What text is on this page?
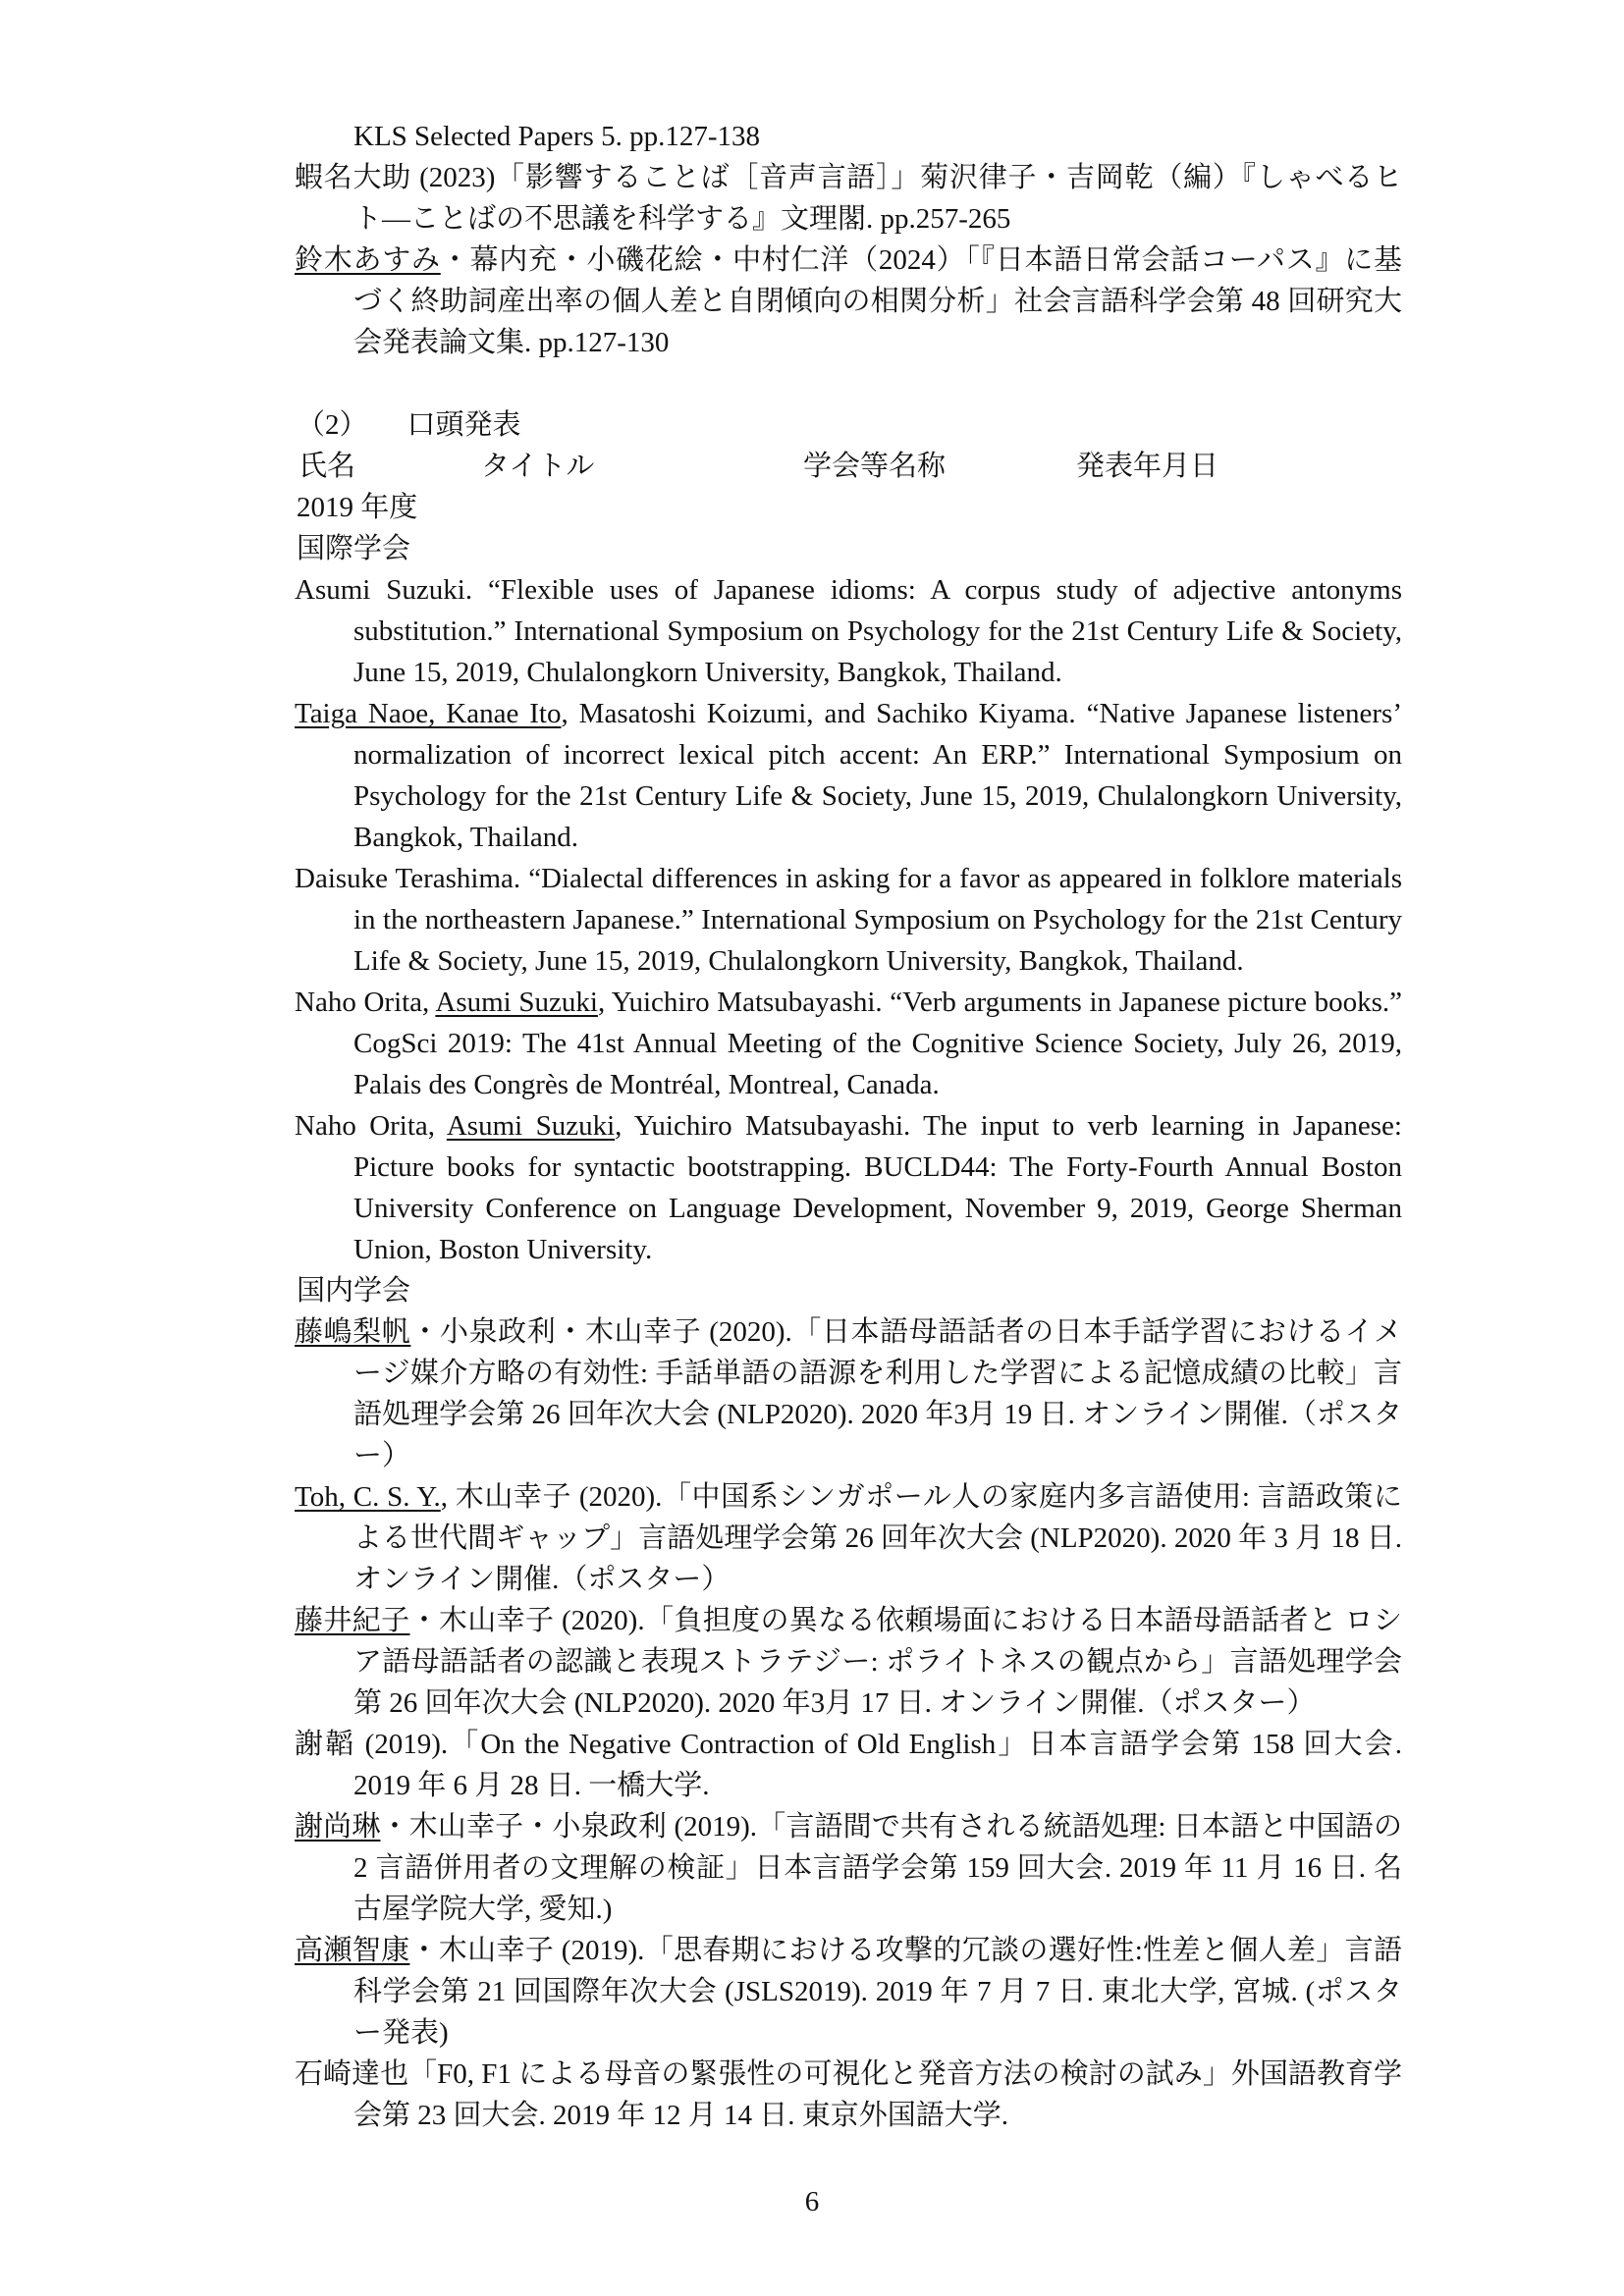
KLS Selected Papers 5. pp.127-138

蝦名大助 (2023)「影響することば［音声言語］」菊沢律子・吉岡乾（編）『しゃべるヒト―ことばの不思議を科学する』文理閣. pp.257-265

鈴木あすみ・幕内充・小磯花絵・中村仁洋（2024）「『日本語日常会話コーパス』に基づく終助詞産出率の個人差と自閉傾向の相関分析」社会言語科学会第 48 回研究大会発表論文集. pp.127-130

（2） 口頭発表

氏名	タイトル	学会等名称	発表年月日

2019 年度

国際学会

Asumi Suzuki. “Flexible uses of Japanese idioms: A corpus study of adjective antonyms substitution.” International Symposium on Psychology for the 21st Century Life & Society, June 15, 2019, Chulalongkorn University, Bangkok, Thailand.

Taiga Naoe, Kanae Ito, Masatoshi Koizumi, and Sachiko Kiyama. “Native Japanese listeners’ normalization of incorrect lexical pitch accent: An ERP.” International Symposium on Psychology for the 21st Century Life & Society, June 15, 2019, Chulalongkorn University, Bangkok, Thailand.

Daisuke Terashima. “Dialectal differences in asking for a favor as appeared in folklore materials in the northeastern Japanese.” International Symposium on Psychology for the 21st Century Life & Society, June 15, 2019, Chulalongkorn University, Bangkok, Thailand.

Naho Orita, Asumi Suzuki, Yuichiro Matsubayashi. “Verb arguments in Japanese picture books.” CogSci 2019: The 41st Annual Meeting of the Cognitive Science Society, July 26, 2019, Palais des Congrès de Montréal, Montreal, Canada.

Naho Orita, Asumi Suzuki, Yuichiro Matsubayashi. The input to verb learning in Japanese: Picture books for syntactic bootstrapping. BUCLD44: The Forty-Fourth Annual Boston University Conference on Language Development, November 9, 2019, George Sherman Union, Boston University.

国内学会

藤嶋梨帆・小泉政利・木山幸子 (2020).「日本語母語話者の日本手話学習におけるイメージ媒介方略の有効性: 手話単語の語源を利用した学習による記憶成績の比較」言語処理学会第 26 回年次大会 (NLP2020). 2020 年3月 19 日. オンライン開催.（ポスター）

Toh, C. S. Y., 木山幸子 (2020).「中国系シンガポール人の家庭内多言語使用: 言語政策による世代間ギャップ」言語処理学会第 26 回年次大会 (NLP2020). 2020 年 3 月 18 日. オンライン開催.（ポスター）

藤井紀子・木山幸子 (2020).「負担度の異なる依頼場面における日本語母語話者と ロシア語母語話者の認識と表現ストラテジー: ポライトネスの観点から」言語処理学会第 26 回年次大会 (NLP2020). 2020 年3月 17 日. オンライン開催.（ポスター）

謝韜 (2019).「On the Negative Contraction of Old English」日本言語学会第 158 回大会. 2019 年 6 月 28 日. 一橋大学.

謝尚琳・木山幸子・小泉政利 (2019).「言語間で共有される統語処理: 日本語と中国語の 2 言語併用者の文理解の検証」日本言語学会第 159 回大会. 2019 年 11 月 16 日. 名古屋学院大学, 愛知.)

高瀬智康・木山幸子 (2019).「思春期における攻撃的冗談の選好性:性差と個人差」言語科学会第 21 回国際年次大会 (JSLS2019). 2019 年 7 月 7 日. 東北大学, 宮城. (ポスター発表)

石崎達也「F0, F1 による母音の緊張性の可視化と発音方法の検討の試み」外国語教育学会第 23 回大会. 2019 年 12 月 14 日. 東京外国語大学.

6
